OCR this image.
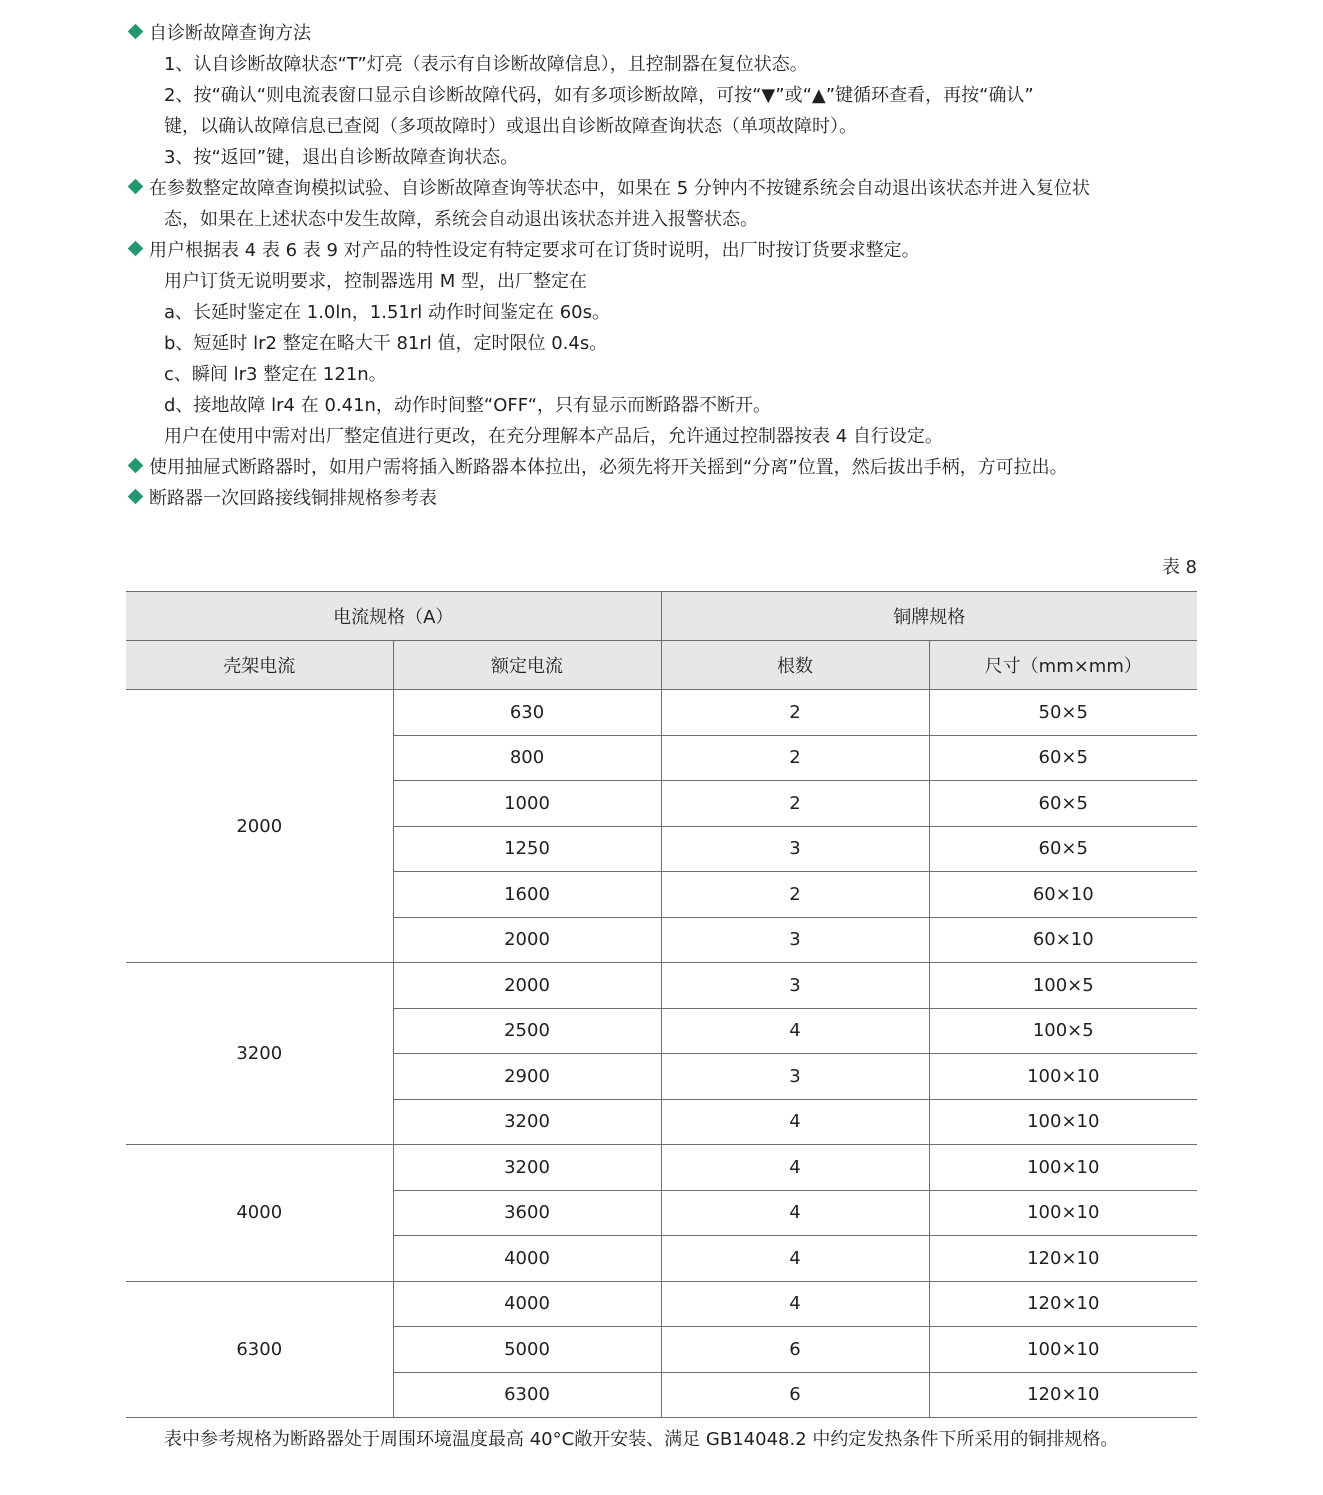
自诊断故障查询方法
1、认自诊断故障状态“T”灯亮（表示有自诊断故障信息），且控制器在复位状态。
2、按“确认“则电流表窗口显示自诊断故障代码，如有多项诊断故障，可按“▼”或“▲”键循环查看，再按“确认”
键，以确认故障信息已查阅（多项故障时）或退出自诊断故障查询状态（单项故障时）。
3、按“返回”键，退出自诊断故障查询状态。
在参数整定故障查询模拟试验、自诊断故障查询等状态中，如果在 5 分钟内不按键系统会自动退出该状态并进入复位状
态，如果在上述状态中发生故障，系统会自动退出该状态并进入报警状态。
用户根据表 4 表 6 表 9 对产品的特性设定有特定要求可在订货时说明，出厂时按订货要求整定。
用户订货无说明要求，控制器选用 M 型，出厂整定在
a、长延时鉴定在 1.0ln，1.51rl 动作时间鉴定在 60s。
b、短延时 lr2 整定在略大干 81rl 值，定时限位 0.4s。
c、瞬间 lr3 整定在 121n。
d、接地故障 lr4 在 0.41n，动作时间整“OFF“，只有显示而断路器不断开。
用户在使用中需对出厂整定值进行更改，在充分理解本产品后，允许通过控制器按表 4 自行设定。
使用抽屉式断路器时，如用户需将插入断路器本体拉出，必须先将开关摇到“分离”位置，然后拔出手柄，方可拉出。
断路器一次回路接线铜排规格参考表
表 8
电流规格（A）		铜牌规格	
壳架电流	额定电流	根数	尺寸（mm×mm）
2000	630	2	50×5
	800	2	60×5
	1000	2	60×5
	1250	3	60×5
	1600	2	60×10
	2000	3	60×10
3200	2000	3	100×5
	2500	4	100×5
	2900	3	100×10
	3200	4	100×10
4000	3200	4	100×10
	3600	4	100×10
	4000	4	120×10
6300	4000	4	120×10
	5000	6	100×10
	6300	6	120×10
表中参考规格为断路器处于周围环境温度最高 40°C敞开安装、满足 GB14048.2 中约定发热条件下所采用的铜排规格。
